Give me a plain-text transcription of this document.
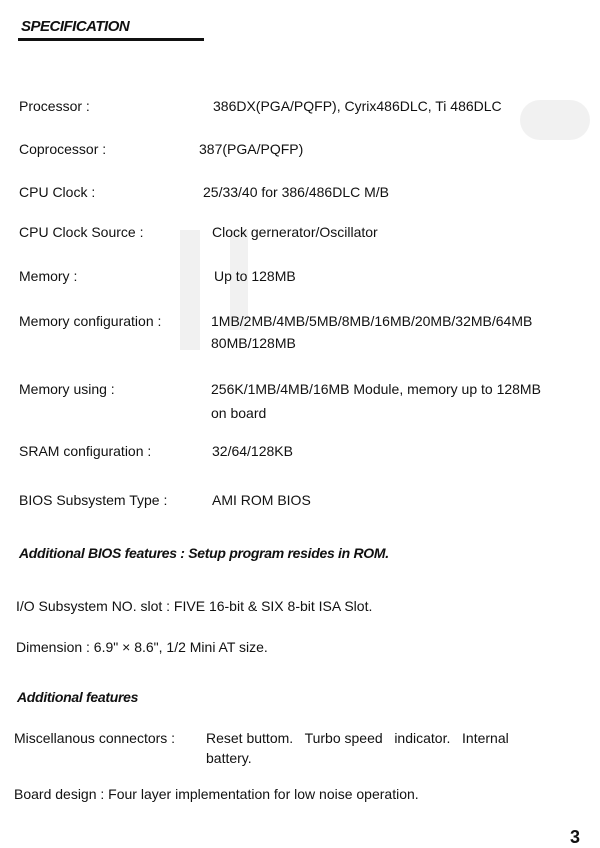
SPECIFICATION
Processor :	386DX(PGA/PQFP), Cyrix486DLC, Ti 486DLC
Coprocessor :	387(PGA/PQFP)
CPU Clock :	25/33/40 for 386/486DLC M/B
CPU Clock Source :	Clock gernerator/Oscillator
Memory :	Up to 128MB
Memory configuration :	1MB/2MB/4MB/5MB/8MB/16MB/20MB/32MB/64MB
80MB/128MB
Memory using :	256K/1MB/4MB/16MB Module, memory up to 128MB
on board
SRAM configuration :	32/64/128KB
BIOS Subsystem Type :	AMI ROM BIOS
Additional BIOS features : Setup program resides in ROM.
I/O Subsystem NO. slot : FIVE 16-bit & SIX 8-bit ISA Slot.
Dimension : 6.9" × 8.6", 1/2 Mini AT size.
Additional features
Miscellanous connectors : Reset buttom.   Turbo speed   indicator.   Internal
battery.
Board design : Four layer implementation for low noise operation.
3
